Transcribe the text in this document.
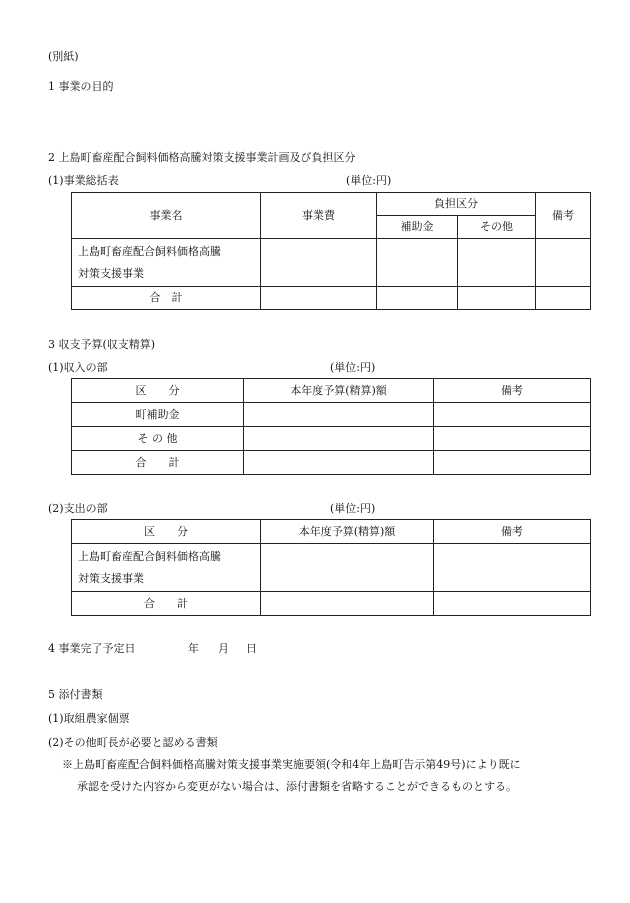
(別紙)
1 事業の目的
2 上島町畜産配合飼料価格高騰対策支援事業計画及び負担区分
(1)事業総括表	(単位:円)
事業名	事業費	負担区分		備考
		補助金	その他	

上島町畜産配合飼料価格高騰
対策支援事業				

合　計				
3 収支予算(収支精算)
(1)収入の部	(単位:円)
区　　分	本年度予算(精算)額	備考
町補助金		
そ の 他		
合　　計		
(2)支出の部	(単位:円)
区　　分	本年度予算(精算)額	備考

上島町畜産配合飼料価格高騰
対策支援事業		

合　　計		
4 事業完了予定日	年 月 日
5 添付書類
(1)取組農家個票
(2)その他町長が必要と認める書類
※上島町畜産配合飼料価格高騰対策支援事業実施要領(令和4年上島町告示第49号)により既に
承認を受けた内容から変更がない場合は、添付書類を省略することができるものとする。
